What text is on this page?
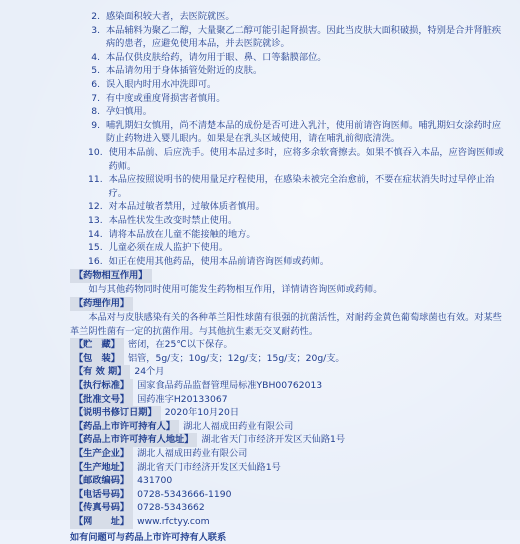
2. 感染面积较大者，去医院就医。
3. 本品辅料为聚乙二醇，大量聚乙二醇可能引起肾损害。因此当皮肤大面积破损，特别是合并肾脏疾病的患者，应避免使用本品，并去医院就诊。
4. 本品仅供皮肤给药，请勿用于眼、鼻、口等黏膜部位。
5. 本品请勿用于身体插管处附近的皮肤。
6. 误入眼内时用水冲洗即可。
7. 有中度或重度肾损害者慎用。
8. 孕妇慎用。
9. 哺乳期妇女慎用，尚不清楚本品的成份是否可进入乳汁，使用前请咨询医师。哺乳期妇女涂药时应防止药物进入婴儿眼内。如果是在乳头区域使用，请在哺乳前彻底清洗。
10. 使用本品前、后应洗手。使用本品过多时，应将多余软膏擦去。如果不慎吞入本品，应咨询医师或药师。
11. 本品应按照说明书的使用量足疗程使用，在感染未被完全治愈前，不要在症状消失时过早停止治疗。
12. 对本品过敏者禁用，过敏体质者慎用。
13. 本品性状发生改变时禁止使用。
14. 请将本品放在儿童不能接触的地方。
15. 儿童必须在成人监护下使用。
16. 如正在使用其他药品，使用本品前请咨询医师或药师。
【药物相互作用】
如与其他药物同时使用可能发生药物相互作用，详情请咨询医师或药师。
【药理作用】
本品对与皮肤感染有关的各种革兰阳性球菌有很强的抗菌活性，对耐药金黄色葡萄球菌也有效。对某些革兰阴性菌有一定的抗菌作用。与其他抗生素无交叉耐药性。
【贮　藏】 密闭，在25℃以下保存。
【包　装】 铝管，5g/支；10g/支；12g/支；15g/支；20g/支。
【有 效 期】 24个月
【执行标准】 国家食品药品监督管理局标准YBH00762013
【批准文号】 国药准字H20133067
【说明书修订日期】 2020年10月20日
【药品上市许可持有人】 湖北人福成田药业有限公司
【药品上市许可持有人地址】 湖北省天门市经济开发区天仙路1号
【生产企业】 湖北人福成田药业有限公司
【生产地址】 湖北省天门市经济开发区天仙路1号
【邮政编码】 431700
【电话号码】 0728-5343666-1190
【传真号码】 0728-5343662
【网　　址】 www.rfctyy.com
如有问题可与药品上市许可持有人联系
